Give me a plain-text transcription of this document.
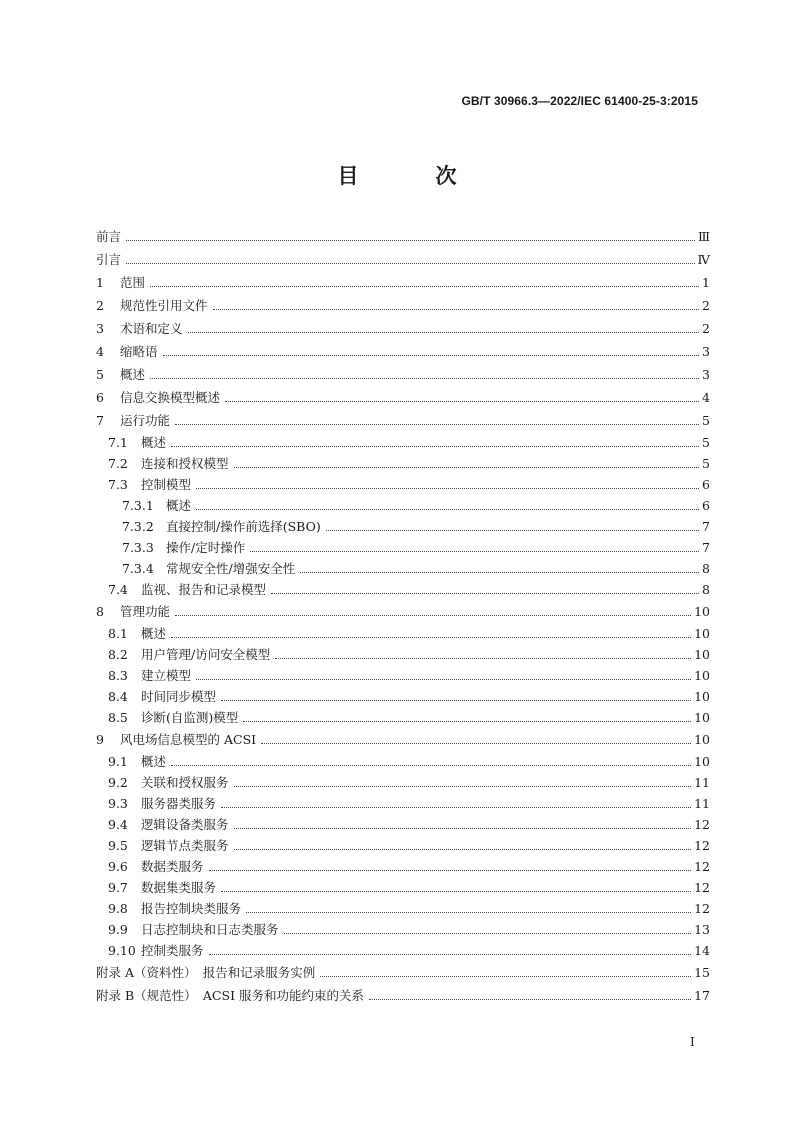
GB/T 30966.3—2022/IEC 61400-25-3:2015
目　次
前言	Ⅲ
引言	Ⅳ
1	范围	1
2	规范性引用文件	2
3	术语和定义	2
4	缩略语	3
5	概述	3
6	信息交换模型概述	4
7	运行功能	5
7.1	概述	5
7.2	连接和授权模型	5
7.3	控制模型	6
7.3.1 概述	6
7.3.2 直接控制/操作前选择(SBO)	7
7.3.3 操作/定时操作	7
7.3.4 常规安全性/增强安全性	8
7.4	监视、报告和记录模型	8
8	管理功能	10
8.1	概述	10
8.2	用户管理/访问安全模型	10
8.3	建立模型	10
8.4	时间同步模型	10
8.5	诊断(自监测)模型	10
9	风电场信息模型的 ACSI	10
9.1	概述	10
9.2	关联和授权服务	11
9.3	服务器类服务	11
9.4	逻辑设备类服务	12
9.5	逻辑节点类服务	12
9.6	数据类服务	12
9.7	数据集类服务	12
9.8	报告控制块类服务	12
9.9	日志控制块和日志类服务	13
9.10 控制类服务	14
附录 A（资料性）　报告和记录服务实例	15
附录 B（规范性）　ACSI 服务和功能约束的关系	17
I
